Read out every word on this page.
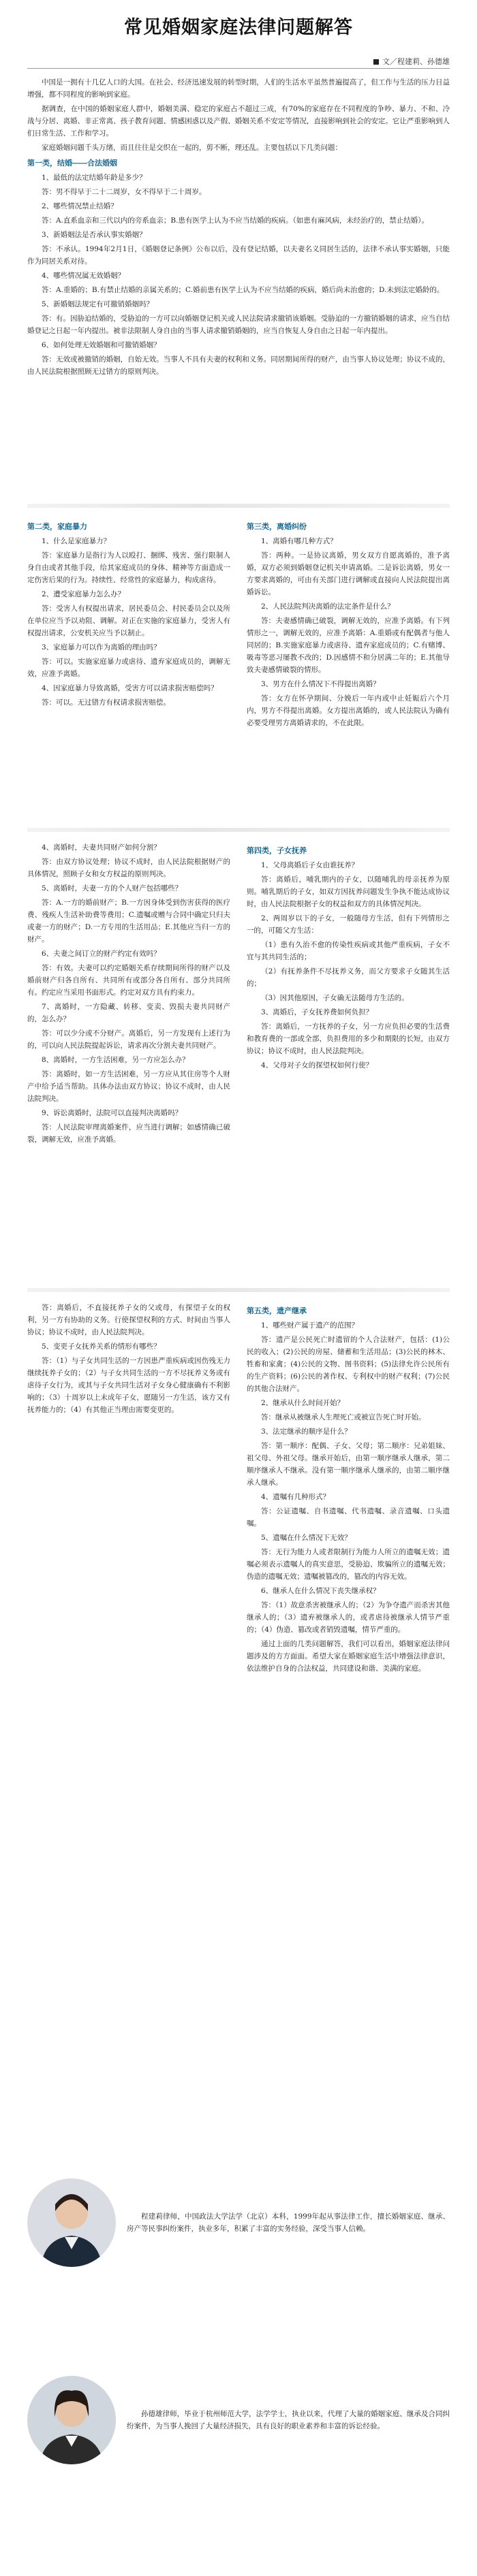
常见婚姻家庭法律问题解答
文／程建莉、孙德雄

中国是一拥有十几亿人口的大国。在社会、经济迅速发展的转型时期，人们的生活水平虽然普遍提高了，但工作与生活的压力日益增强，都不同程度的影响到家庭。

据调查，在中国的婚姻家庭人群中，婚姻美满、稳定的家庭占不超过三成，有70%的家庭存在不同程度的争吵、暴力、不和、冷战与分居、离婚、非正常离、孩子教育问题、情感困惑以及产假、婚姻关系不安定等情况，直接影响到社会的安定。它让严重影响到人们日常生活、工作和学习。

家庭婚姻问题千头万绪，而且往往是交织在一起的，剪不断，理还乱。主要包括以下几类问题：

第一类，结婚——合法婚姻

1、最低的法定结婚年龄是多少？

答：男不得早于二十二周岁，女不得早于二十周岁。

2、哪些情况禁止结婚？

答：A.直系血亲和三代以内的旁系血亲；B.患有医学上认为不应当结婚的疾病。（如患有麻风病，未经治疗的，禁止结婚）。

3、新婚姻法是否承认事实婚姻？

答：不承认。1994年2月1日，《婚姻登记条例》公布以后，没有登记结婚，以夫妻名义同居生活的，法律不承认事实婚姻，只能作为同居关系对待。

4、哪些情况属无效婚姻？

答：A.重婚的；B.有禁止结婚的亲属关系的；C.婚前患有医学上认为不应当结婚的疾病，婚后尚未治愈的；D.未到法定婚龄的。

5、新婚姻法规定有可撤销婚姻吗？

答：有。因胁迫结婚的，受胁迫的一方可以向婚姻登记机关或人民法院请求撤销该婚姻。受胁迫的一方撤销婚姻的请求，应当自结婚登记之日起一年内提出。被非法限制人身自由的当事人请求撤销婚姻的，应当自恢复人身自由之日起一年内提出。

6、如何处理无效婚姻和可撤销婚姻？

答：无效或被撤销的婚姻，自始无效。当事人不具有夫妻的权利和义务。同居期间所得的财产，由当事人协议处理；协议不成的，由人民法院根据照顾无过错方的原则判决。

第二类，家庭暴力

1、什么是家庭暴力？

答：家庭暴力是指行为人以殴打、捆绑、残害、强行限制人身自由或者其他手段，给其家庭成员的身体、精神等方面造成一定伤害后果的行为。持续性、经常性的家庭暴力，构成虐待。

2、遭受家庭暴力怎么办？

答：受害人有权提出请求，居民委员会、村民委员会以及所在单位应当予以劝阻、调解。对正在实施的家庭暴力，受害人有权提出请求，公安机关应当予以制止。

3、家庭暴力可以作为离婚的理由吗？

答：可以。实施家庭暴力或虐待、遗弃家庭成员的，调解无效，应准予离婚。

4、因家庭暴力导致离婚，受害方可以请求损害赔偿吗？

答：可以。无过错方有权请求损害赔偿。

第三类，离婚纠纷

1、离婚有哪几种方式？

答：两种。一是协议离婚，男女双方自愿离婚的，准予离婚，双方必须到婚姻登记机关申请离婚。二是诉讼离婚，男女一方要求离婚的，可由有关部门进行调解或直接向人民法院提出离婚诉讼。

2、人民法院判决离婚的法定条件是什么？

答：夫妻感情确已破裂，调解无效的，应准予离婚。有下列情形之一，调解无效的，应准予离婚：A.重婚或有配偶者与他人同居的；B.实施家庭暴力或虐待、遗弃家庭成员的；C.有赌博、吸毒等恶习屡教不改的；D.因感情不和分居满二年的；E.其他导致夫妻感情破裂的情形。

3、男方在什么情况下不得提出离婚？

答：女方在怀孕期间、分娩后一年内或中止妊娠后六个月内，男方不得提出离婚。女方提出离婚的，或人民法院认为确有必要受理男方离婚请求的，不在此限。

4、离婚时，夫妻共同财产如何分割？

答：由双方协议处理；协议不成时，由人民法院根据财产的具体情况，照顾子女和女方权益的原则判决。

5、离婚时，夫妻一方的个人财产包括哪些？

答：A.一方的婚前财产；B.一方因身体受到伤害获得的医疗费、残疾人生活补助费等费用；C.遗嘱或赠与合同中确定只归夫或妻一方的财产；D.一方专用的生活用品；E.其他应当归一方的财产。

6、夫妻之间订立的财产约定有效吗？

答：有效。夫妻可以约定婚姻关系存续期间所得的财产以及婚前财产归各自所有、共同所有或部分各自所有、部分共同所有。约定应当采用书面形式。约定对双方具有约束力。

7、离婚时，一方隐藏、转移、变卖、毁损夫妻共同财产的，怎么办？

答：可以少分或不分财产。离婚后，另一方发现有上述行为的，可以向人民法院提起诉讼，请求再次分割夫妻共同财产。

8、离婚时，一方生活困难，另一方应怎么办？

答：离婚时，如一方生活困难，另一方应从其住房等个人财产中给予适当帮助。具体办法由双方协议；协议不成时，由人民法院判决。

9、诉讼离婚时，法院可以直接判决离婚吗？

答：人民法院审理离婚案件，应当进行调解；如感情确已破裂，调解无效，应准予离婚。

第四类，子女抚养

1、父母离婚后子女由谁抚养？

答：离婚后，哺乳期内的子女，以随哺乳的母亲抚养为原则。哺乳期后的子女，如双方因抚养问题发生争执不能达成协议时，由人民法院根据子女的权益和双方的具体情况判决。

2、两周岁以下的子女，一般随母方生活，但有下列情形之一的，可随父方生活：

（1）患有久治不愈的传染性疾病或其他严重疾病，子女不宜与其共同生活的；

（2）有抚养条件不尽抚养义务，而父方要求子女随其生活的；

（3）因其他原因，子女确无法随母方生活的。

3、离婚后，子女抚养费如何负担？

答：离婚后，一方抚养的子女，另一方应负担必要的生活费和教育费的一部或全部，负担费用的多少和期限的长短，由双方协议；协议不成时，由人民法院判决。

4、父母对子女的探望权如何行使？

答：离婚后，不直接抚养子女的父或母，有探望子女的权利，另一方有协助的义务。行使探望权利的方式、时间由当事人协议；协议不成时，由人民法院判决。

5、变更子女抚养关系的情形有哪些？

答：（1）与子女共同生活的一方因患严重疾病或因伤残无力继续抚养子女的；（2）与子女共同生活的一方不尽抚养义务或有虐待子女行为，或其与子女共同生活对子女身心健康确有不利影响的；（3）十周岁以上未成年子女，愿随另一方生活，该方又有抚养能力的；（4）有其他正当理由需要变更的。

第五类，遗产继承

1、哪些财产属于遗产的范围？

答：遗产是公民死亡时遗留的个人合法财产，包括：(1)公民的收入；(2)公民的房屋、储蓄和生活用品；(3)公民的林木、牲畜和家禽；(4)公民的文物、图书资料；(5)法律允许公民所有的生产资料；(6)公民的著作权、专利权中的财产权利；(7)公民的其他合法财产。

2、继承从什么时间开始？

答：继承从被继承人生理死亡或被宣告死亡时开始。

3、法定继承的顺序是什么？

答：第一顺序：配偶、子女、父母；第二顺序：兄弟姐妹、祖父母、外祖父母。继承开始后，由第一顺序继承人继承，第二顺序继承人不继承。没有第一顺序继承人继承的，由第二顺序继承人继承。

4、遗嘱有几种形式？

答：公证遗嘱、自书遗嘱、代书遗嘱、录音遗嘱、口头遗嘱。

5、遗嘱在什么情况下无效？

答：无行为能力人或者限制行为能力人所立的遗嘱无效；遗嘱必须表示遗嘱人的真实意思，受胁迫、欺骗所立的遗嘱无效；伪造的遗嘱无效；遗嘱被篡改的，篡改的内容无效。

6、继承人在什么情况下丧失继承权？

答：（1）故意杀害被继承人的；（2）为争夺遗产而杀害其他继承人的；（3）遗弃被继承人的，或者虐待被继承人情节严重的；（4）伪造、篡改或者销毁遗嘱，情节严重的。

通过上面的几类问题解答，我们可以看出，婚姻家庭法律问题涉及的方方面面。希望大家在婚姻家庭生活中增强法律意识，依法维护自身的合法权益，共同建设和谐、美满的家庭。

程建莉律师，中国政法大学法学（北京）本科，1999年起从事法律工作，擅长婚姻家庭、继承、房产等民事纠纷案件，执业多年，积累了丰富的实务经验，深受当事人信赖。

孙德雄律师，毕业于杭州师范大学，法学学士，执业以来，代理了大量的婚姻家庭、继承及合同纠纷案件，为当事人挽回了大量经济损失，具有良好的职业素养和丰富的诉讼经验。
